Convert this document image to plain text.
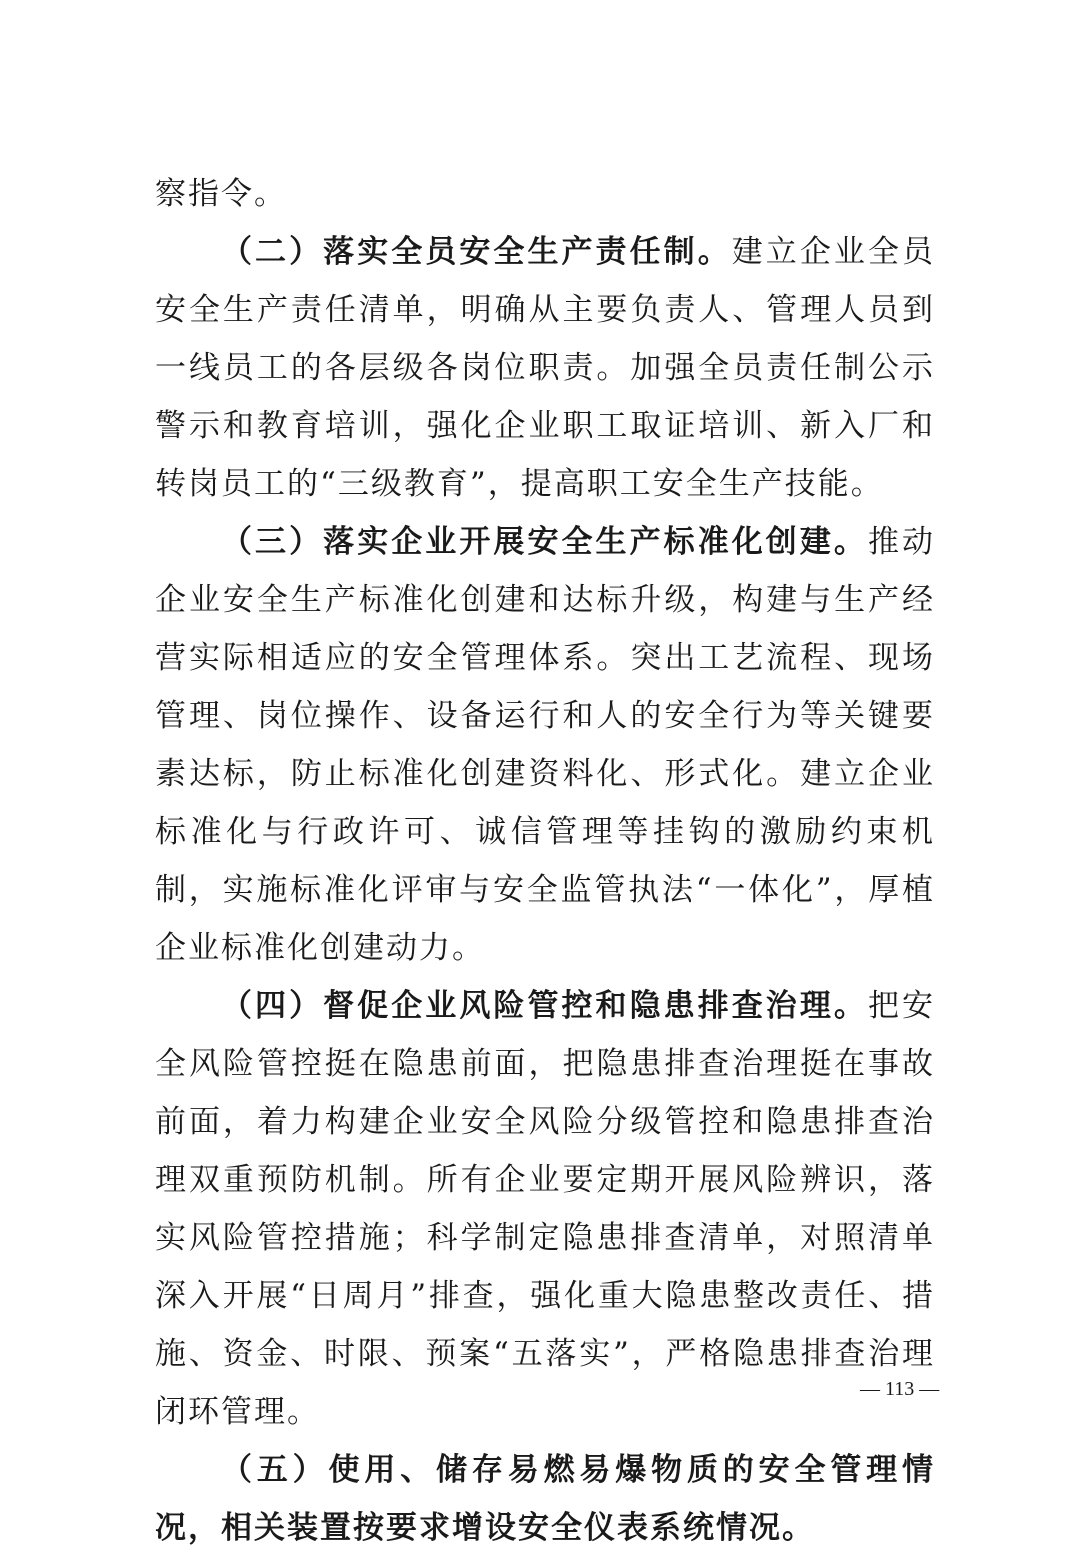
察指令。

（二）落实全员安全生产责任制。建立企业全员安全生产责任清单，明确从主要负责人、管理人员到一线员工的各层级各岗位职责。加强全员责任制公示警示和教育培训，强化企业职工取证培训、新入厂和转岗员工的“三级教育”，提高职工安全生产技能。

（三）落实企业开展安全生产标准化创建。推动企业安全生产标准化创建和达标升级，构建与生产经营实际相适应的安全管理体系。突出工艺流程、现场管理、岗位操作、设备运行和人的安全行为等关键要素达标，防止标准化创建资料化、形式化。建立企业标准化与行政许可、诚信管理等挂钩的激励约束机制，实施标准化评审与安全监管执法“一体化”，厚植企业标准化创建动力。

（四）督促企业风险管控和隐患排查治理。把安全风险管控挺在隐患前面，把隐患排查治理挺在事故前面，着力构建企业安全风险分级管控和隐患排查治理双重预防机制。所有企业要定期开展风险辨识，落实风险管控措施；科学制定隐患排查清单，对照清单深入开展“日周月”排查，强化重大隐患整改责任、措施、资金、时限、预案“五落实”，严格隐患排查治理闭环管理。

（五）使用、储存易燃易爆物质的安全管理情况，相关装置按要求增设安全仪表系统情况。

— 113 —
